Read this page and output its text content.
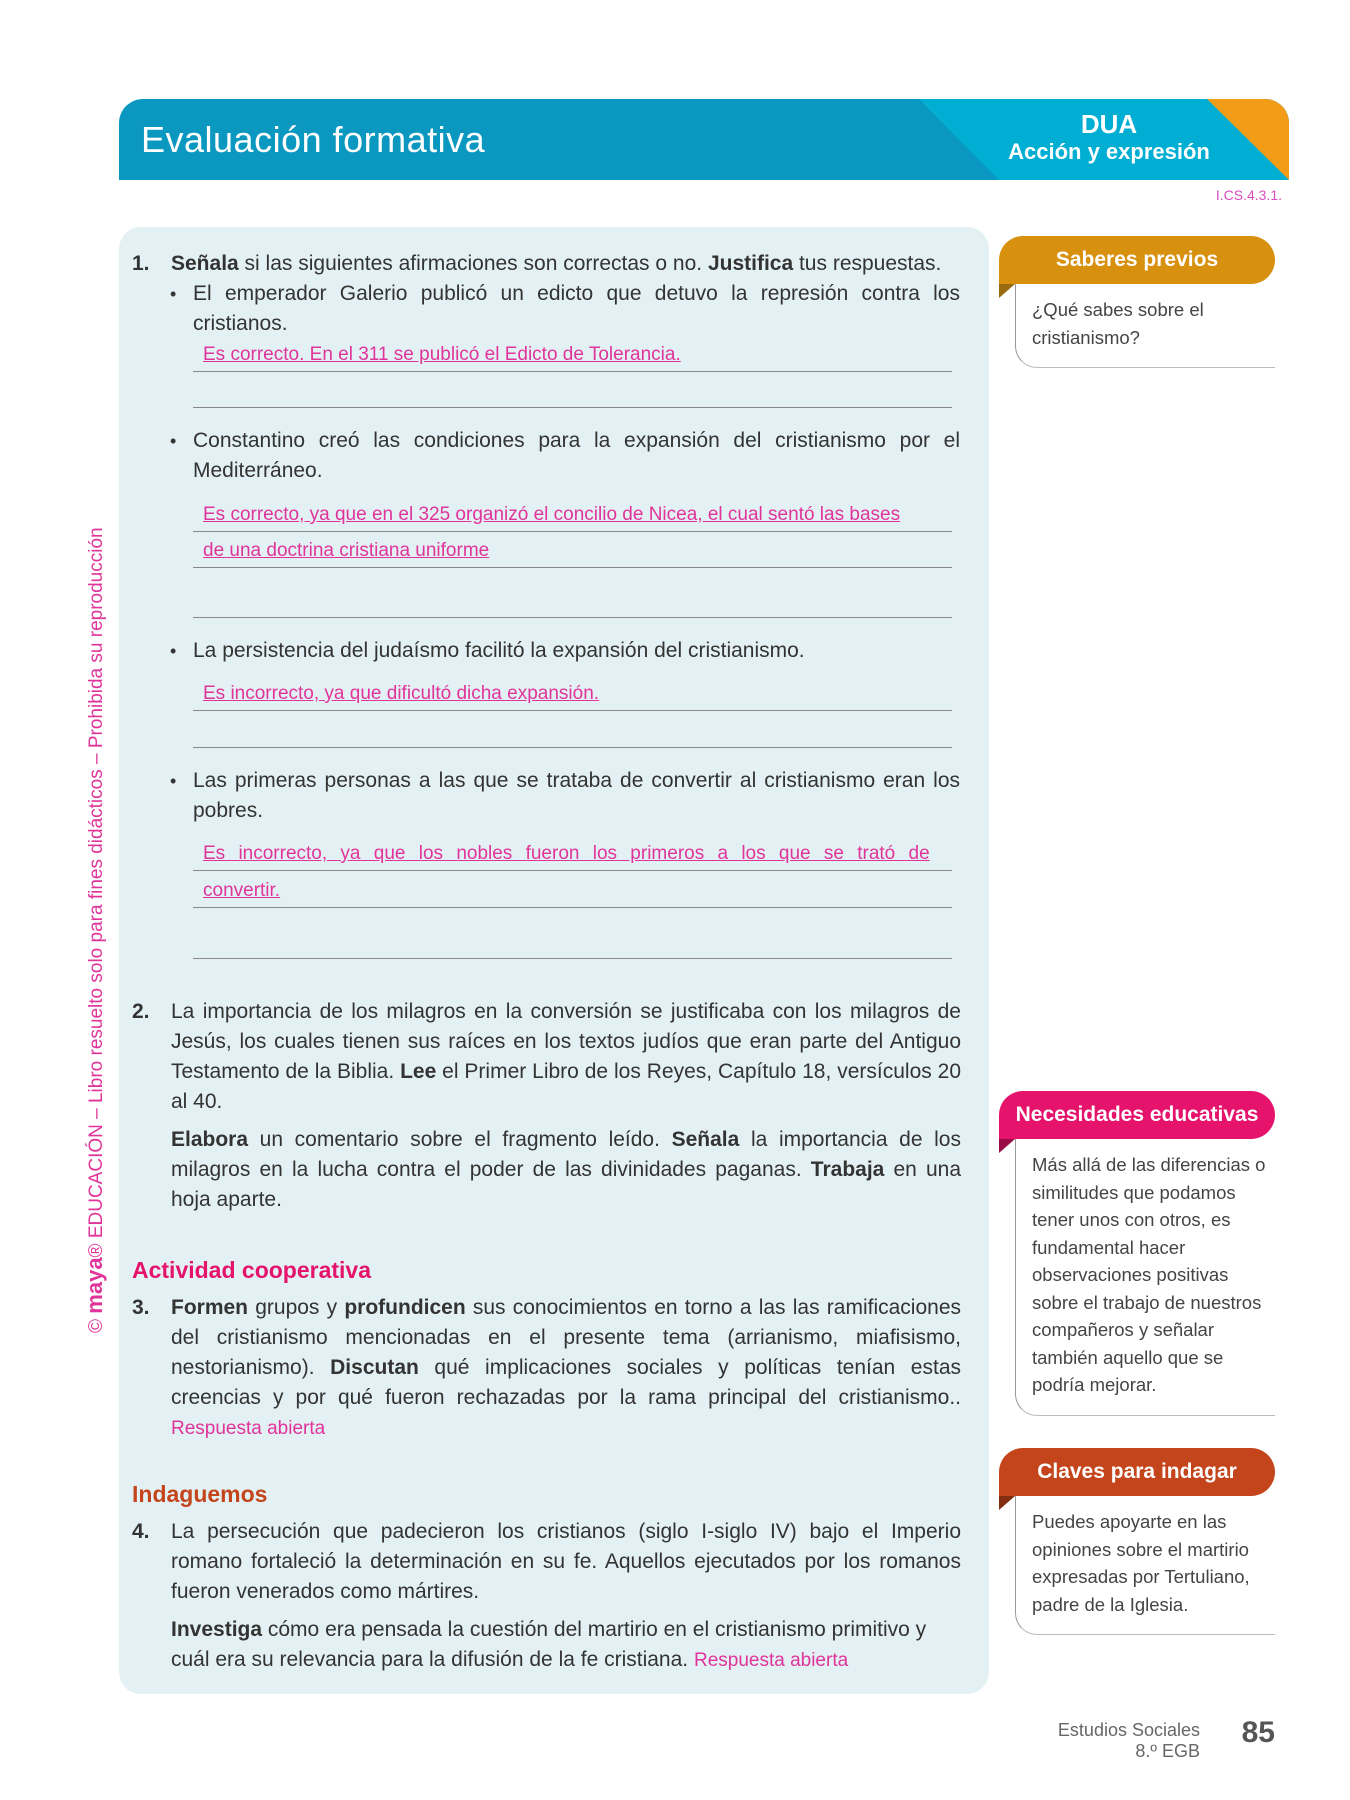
Evaluación formativa	DUA
Acción y expresión
I.CS.4.3.1.
© maya® EDUCACIÓN – Libro resuelto solo para fines didácticos – Prohibida su reproducción
1. Señala si las siguientes afirmaciones son correctas o no. Justifica tus respuestas.
• El emperador Galerio publicó un edicto que detuvo la represión contra los cristianos.
Es correcto. En el 311 se publicó el Edicto de Tolerancia.
• Constantino creó las condiciones para la expansión del cristianismo por el Mediterráneo.
Es correcto, ya que en el 325 organizó el concilio de Nicea, el cual sentó las bases
de una doctrina cristiana uniforme
• La persistencia del judaísmo facilitó la expansión del cristianismo.
Es incorrecto, ya que dificultó dicha expansión.
• Las primeras personas a las que se trataba de convertir al cristianismo eran los pobres.
Es incorrecto, ya que los nobles fueron los primeros a los que se trató de
convertir.
2. La importancia de los milagros en la conversión se justificaba con los milagros de Jesús, los cuales tienen sus raíces en los textos judíos que eran parte del Antiguo Testamento de la Biblia. Lee el Primer Libro de los Reyes, Capítulo 18, versículos 20 al 40.
Elabora un comentario sobre el fragmento leído. Señala la importancia de los milagros en la lucha contra el poder de las divinidades paganas. Trabaja en una hoja aparte.
Actividad cooperativa
3. Formen grupos y profundicen sus conocimientos en torno a las las ramificaciones del cristianismo mencionadas en el presente tema (arrianismo, miafisismo, nestorianismo). Discutan qué implicaciones sociales y políticas tenían estas creencias y por qué fueron rechazadas por la rama principal del cristianismo.. Respuesta abierta
Indaguemos
4. La persecución que padecieron los cristianos (siglo I-siglo IV) bajo el Imperio romano fortaleció la determinación en su fe. Aquellos ejecutados por los romanos fueron venerados como mártires.
Investiga cómo era pensada la cuestión del martirio en el cristianismo primitivo y cuál era su relevancia para la difusión de la fe cristiana. Respuesta abierta
Saberes previos
¿Qué sabes sobre el cristianismo?
Necesidades educativas
Más allá de las diferencias o similitudes que podamos tener unos con otros, es fundamental hacer observaciones positivas sobre el trabajo de nuestros compañeros y señalar también aquello que se podría mejorar.
Claves para indagar
Puedes apoyarte en las opiniones sobre el martirio expresadas por Tertuliano, padre de la Iglesia.
Estudios Sociales
8.º EGB
85
